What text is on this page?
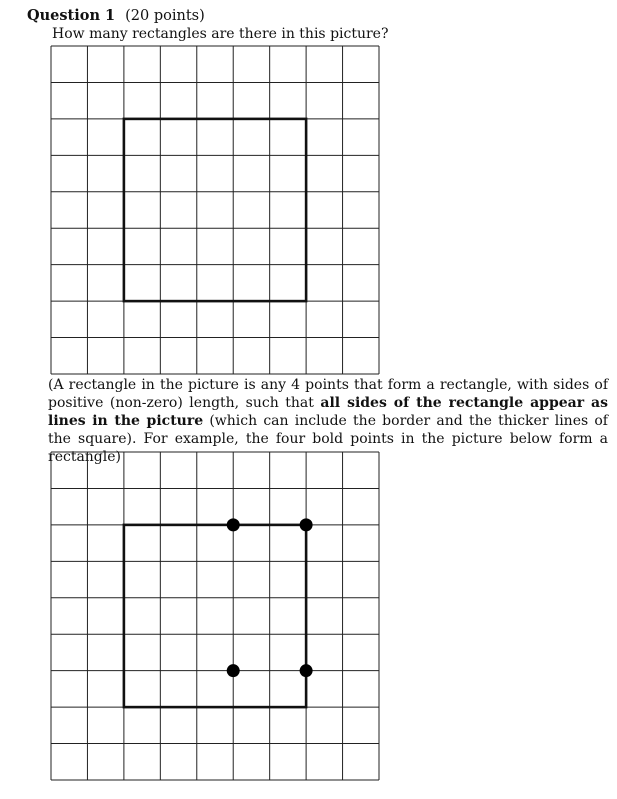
Question 1 (20 points)
How many rectangles are there in this picture?
(A rectangle in the picture is any 4 points that form a rectangle, with sides of positive (non-zero) length, such that all sides of the rectangle appear as lines in the picture (which can include the border and the thicker lines of the square). For example, the four bold points in the picture below form a rectangle)
